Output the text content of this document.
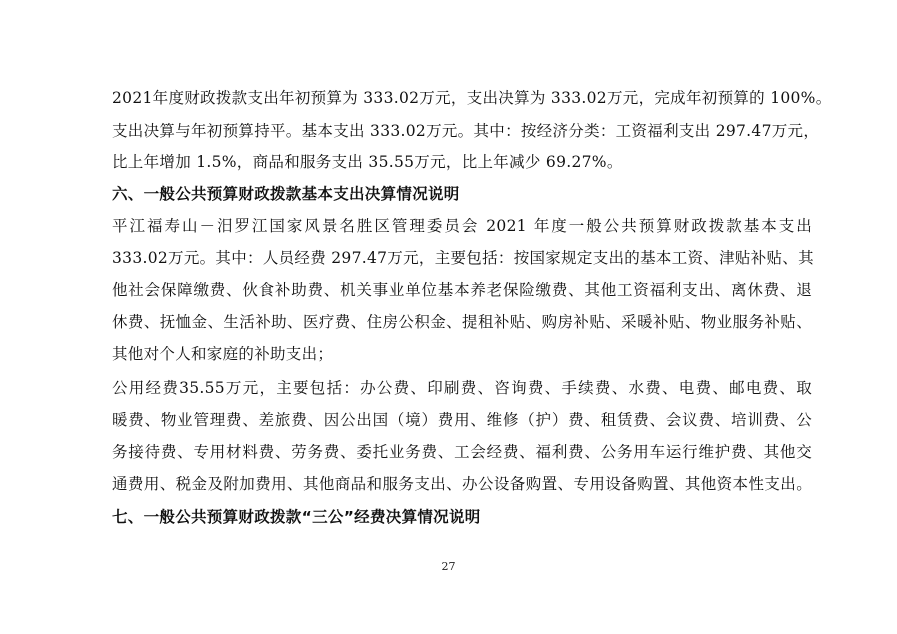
2021年度财政拨款支出年初预算为 333.02万元，支出决算为 333.02万元，完成年初预算的 100%。
支出决算与年初预算持平。基本支出 333.02万元。其中：按经济分类：工资福利支出 297.47万元，
比上年增加 1.5%，商品和服务支出 35.55万元，比上年减少 69.27%。
六、一般公共预算财政拨款基本支出决算情况说明
平江福寿山－汨罗江国家风景名胜区管理委员会 2021 年度一般公共预算财政拨款基本支出
333.02万元。其中：人员经费 297.47万元，主要包括：按国家规定支出的基本工资、津贴补贴、其
他社会保障缴费、伙食补助费、机关事业单位基本养老保险缴费、其他工资福利支出、离休费、退
休费、抚恤金、生活补助、医疗费、住房公积金、提租补贴、购房补贴、采暖补贴、物业服务补贴、
其他对个人和家庭的补助支出；
公用经费35.55万元，主要包括：办公费、印刷费、咨询费、手续费、水费、电费、邮电费、取
暖费、物业管理费、差旅费、因公出国（境）费用、维修（护）费、租赁费、会议费、培训费、公
务接待费、专用材料费、劳务费、委托业务费、工会经费、福利费、公务用车运行维护费、其他交
通费用、税金及附加费用、其他商品和服务支出、办公设备购置、专用设备购置、其他资本性支出。
七、一般公共预算财政拨款“三公”经费决算情况说明
27
